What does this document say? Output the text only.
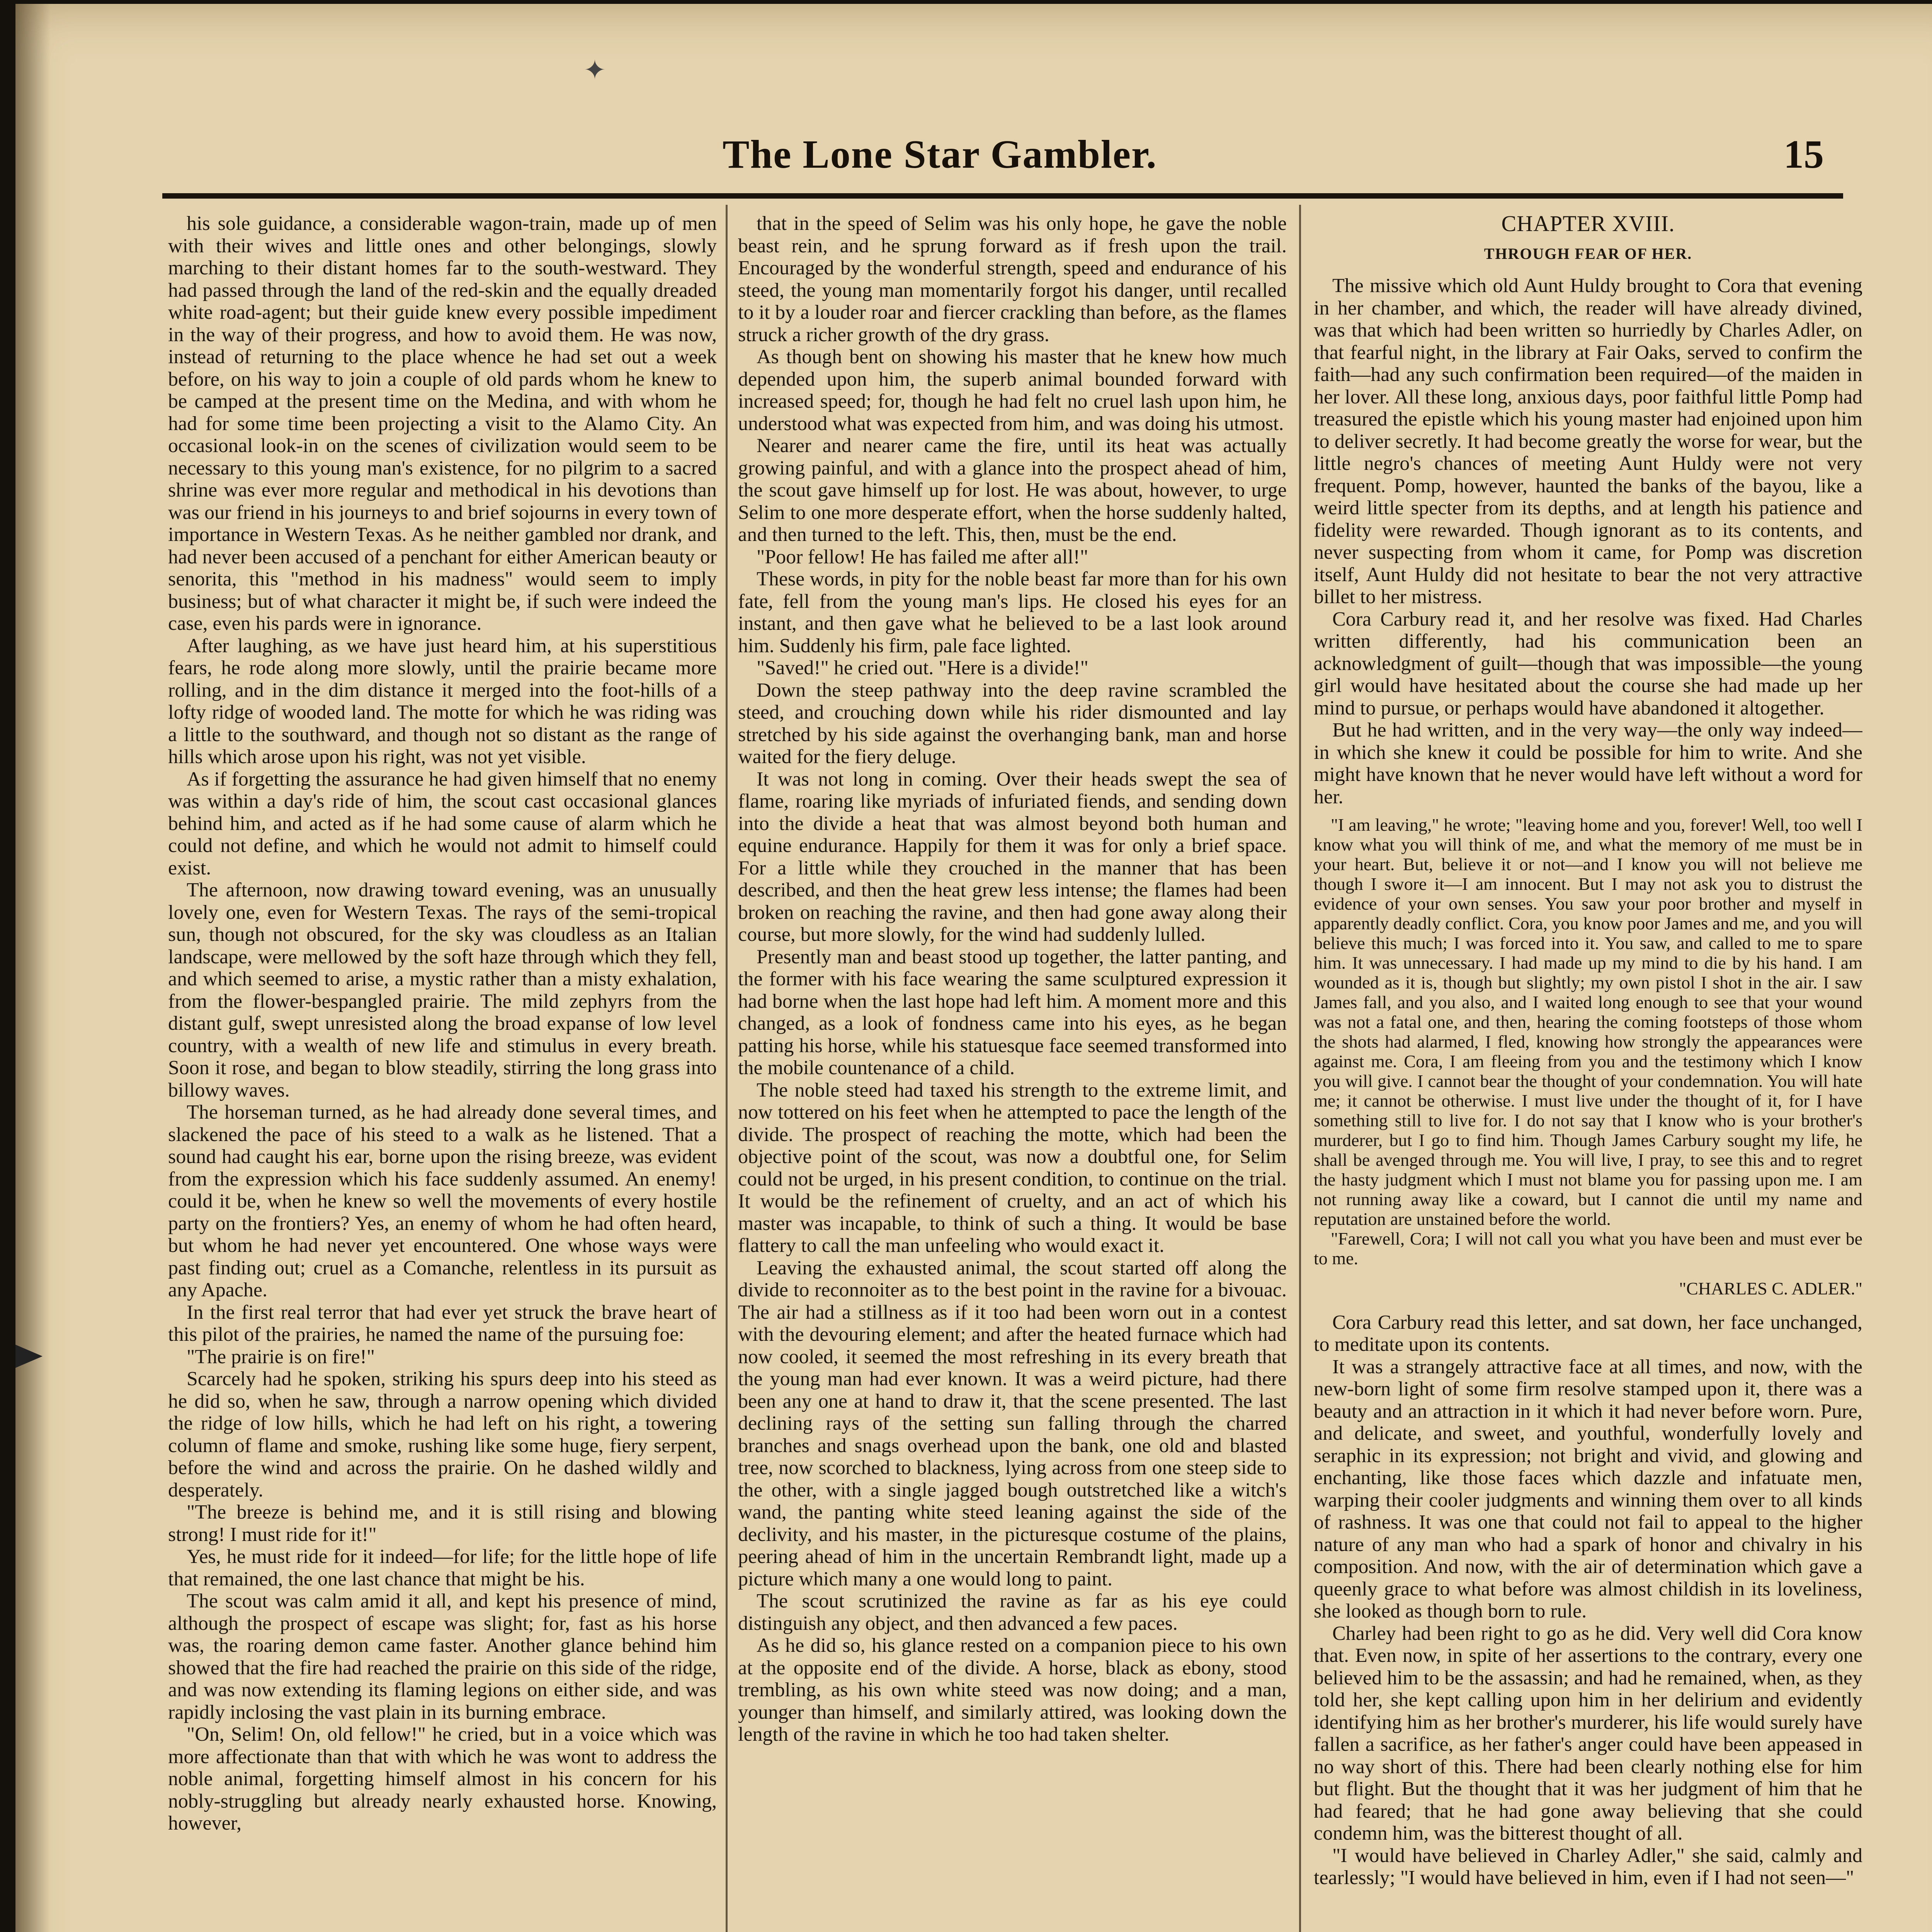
✦
The Lone Star Gambler.	15

his sole guidance, a considerable wagon-train, made up of men with their wives and little ones and other belongings, slowly marching to their distant homes far to the south-westward. They had passed through the land of the red-skin and the equally dreaded white road-agent; but their guide knew every possible impediment in the way of their progress, and how to avoid them. He was now, instead of returning to the place whence he had set out a week before, on his way to join a couple of old pards whom he knew to be camped at the present time on the Medina, and with whom he had for some time been projecting a visit to the Alamo City. An occasional look-in on the scenes of civilization would seem to be necessary to this young man's existence, for no pilgrim to a sacred shrine was ever more regular and methodical in his devotions than was our friend in his journeys to and brief sojourns in every town of importance in Western Texas. As he neither gambled nor drank, and had never been accused of a penchant for either American beauty or senorita, this "method in his madness" would seem to imply business; but of what character it might be, if such were indeed the case, even his pards were in ignorance.

After laughing, as we have just heard him, at his superstitious fears, he rode along more slowly, until the prairie became more rolling, and in the dim distance it merged into the foot-hills of a lofty ridge of wooded land. The motte for which he was riding was a little to the southward, and though not so distant as the range of hills which arose upon his right, was not yet visible.

As if forgetting the assurance he had given himself that no enemy was within a day's ride of him, the scout cast occasional glances behind him, and acted as if he had some cause of alarm which he could not define, and which he would not admit to himself could exist.

The afternoon, now drawing toward evening, was an unusually lovely one, even for Western Texas. The rays of the semi-tropical sun, though not obscured, for the sky was cloudless as an Italian landscape, were mellowed by the soft haze through which they fell, and which seemed to arise, a mystic rather than a misty exhalation, from the flower-bespangled prairie. The mild zephyrs from the distant gulf, swept unresisted along the broad expanse of low level country, with a wealth of new life and stimulus in every breath. Soon it rose, and began to blow steadily, stirring the long grass into billowy waves.

The horseman turned, as he had already done several times, and slackened the pace of his steed to a walk as he listened. That a sound had caught his ear, borne upon the rising breeze, was evident from the expression which his face suddenly assumed. An enemy! could it be, when he knew so well the movements of every hostile party on the frontiers? Yes, an enemy of whom he had often heard, but whom he had never yet encountered. One whose ways were past finding out; cruel as a Comanche, relentless in its pursuit as any Apache.

In the first real terror that had ever yet struck the brave heart of this pilot of the prairies, he named the name of the pursuing foe:

"The prairie is on fire!"

Scarcely had he spoken, striking his spurs deep into his steed as he did so, when he saw, through a narrow opening which divided the ridge of low hills, which he had left on his right, a towering column of flame and smoke, rushing like some huge, fiery serpent, before the wind and across the prairie. On he dashed wildly and desperately.

"The breeze is behind me, and it is still rising and blowing strong! I must ride for it!"

Yes, he must ride for it indeed—for life; for the little hope of life that remained, the one last chance that might be his.

The scout was calm amid it all, and kept his presence of mind, although the prospect of escape was slight; for, fast as his horse was, the roaring demon came faster. Another glance behind him showed that the fire had reached the prairie on this side of the ridge, and was now extending its flaming legions on either side, and was rapidly inclosing the vast plain in its burning embrace.

"On, Selim! On, old fellow!" he cried, but in a voice which was more affectionate than that with which he was wont to address the noble animal, forgetting himself almost in his concern for his nobly-struggling but already nearly exhausted horse. Knowing, however,

that in the speed of Selim was his only hope, he gave the noble beast rein, and he sprung forward as if fresh upon the trail. Encouraged by the wonderful strength, speed and endurance of his steed, the young man momentarily forgot his danger, until recalled to it by a louder roar and fiercer crackling than before, as the flames struck a richer growth of the dry grass.

As though bent on showing his master that he knew how much depended upon him, the superb animal bounded forward with increased speed; for, though he had felt no cruel lash upon him, he understood what was expected from him, and was doing his utmost.

Nearer and nearer came the fire, until its heat was actually growing painful, and with a glance into the prospect ahead of him, the scout gave himself up for lost. He was about, however, to urge Selim to one more desperate effort, when the horse suddenly halted, and then turned to the left. This, then, must be the end.

"Poor fellow! He has failed me after all!"

These words, in pity for the noble beast far more than for his own fate, fell from the young man's lips. He closed his eyes for an instant, and then gave what he believed to be a last look around him. Suddenly his firm, pale face lighted.

"Saved!" he cried out. "Here is a divide!"

Down the steep pathway into the deep ravine scrambled the steed, and crouching down while his rider dismounted and lay stretched by his side against the overhanging bank, man and horse waited for the fiery deluge.

It was not long in coming. Over their heads swept the sea of flame, roaring like myriads of infuriated fiends, and sending down into the divide a heat that was almost beyond both human and equine endurance. Happily for them it was for only a brief space. For a little while they crouched in the manner that has been described, and then the heat grew less intense; the flames had been broken on reaching the ravine, and then had gone away along their course, but more slowly, for the wind had suddenly lulled.

Presently man and beast stood up together, the latter panting, and the former with his face wearing the same sculptured expression it had borne when the last hope had left him. A moment more and this changed, as a look of fondness came into his eyes, as he began patting his horse, while his statuesque face seemed transformed into the mobile countenance of a child.

The noble steed had taxed his strength to the extreme limit, and now tottered on his feet when he attempted to pace the length of the divide. The prospect of reaching the motte, which had been the objective point of the scout, was now a doubtful one, for Selim could not be urged, in his present condition, to continue on the trial. It would be the refinement of cruelty, and an act of which his master was incapable, to think of such a thing. It would be base flattery to call the man unfeeling who would exact it.

Leaving the exhausted animal, the scout started off along the divide to reconnoiter as to the best point in the ravine for a bivouac. The air had a stillness as if it too had been worn out in a contest with the devouring element; and after the heated furnace which had now cooled, it seemed the most refreshing in its every breath that the young man had ever known. It was a weird picture, had there been any one at hand to draw it, that the scene presented. The last declining rays of the setting sun falling through the charred branches and snags overhead upon the bank, one old and blasted tree, now scorched to blackness, lying across from one steep side to the other, with a single jagged bough outstretched like a witch's wand, the panting white steed leaning against the side of the declivity, and his master, in the picturesque costume of the plains, peering ahead of him in the uncertain Rembrandt light, made up a picture which many a one would long to paint.

The scout scrutinized the ravine as far as his eye could distinguish any object, and then advanced a few paces.

As he did so, his glance rested on a companion piece to his own at the opposite end of the divide. A horse, black as ebony, stood trembling, as his own white steed was now doing; and a man, younger than himself, and similarly attired, was looking down the length of the ravine in which he too had taken shelter.

CHAPTER XVIII.
THROUGH FEAR OF HER.

The missive which old Aunt Huldy brought to Cora that evening in her chamber, and which, the reader will have already divined, was that which had been written so hurriedly by Charles Adler, on that fearful night, in the library at Fair Oaks, served to confirm the faith—had any such confirmation been required—of the maiden in her lover. All these long, anxious days, poor faithful little Pomp had treasured the epistle which his young master had enjoined upon him to deliver secretly. It had become greatly the worse for wear, but the little negro's chances of meeting Aunt Huldy were not very frequent. Pomp, however, haunted the banks of the bayou, like a weird little specter from its depths, and at length his patience and fidelity were rewarded. Though ignorant as to its contents, and never suspecting from whom it came, for Pomp was discretion itself, Aunt Huldy did not hesitate to bear the not very attractive billet to her mistress.

Cora Carbury read it, and her resolve was fixed. Had Charles written differently, had his communication been an acknowledgment of guilt—though that was impossible—the young girl would have hesitated about the course she had made up her mind to pursue, or perhaps would have abandoned it altogether.

But he had written, and in the very way—the only way indeed—in which she knew it could be possible for him to write. And she might have known that he never would have left without a word for her.

"I am leaving," he wrote; "leaving home and you, forever! Well, too well I know what you will think of me, and what the memory of me must be in your heart. But, believe it or not—and I know you will not believe me though I swore it—I am innocent. But I may not ask you to distrust the evidence of your own senses. You saw your poor brother and myself in apparently deadly conflict. Cora, you know poor James and me, and you will believe this much; I was forced into it. You saw, and called to me to spare him. It was unnecessary. I had made up my mind to die by his hand. I am wounded as it is, though but slightly; my own pistol I shot in the air. I saw James fall, and you also, and I waited long enough to see that your wound was not a fatal one, and then, hearing the coming footsteps of those whom the shots had alarmed, I fled, knowing how strongly the appearances were against me. Cora, I am fleeing from you and the testimony which I know you will give. I cannot bear the thought of your condemnation. You will hate me; it cannot be otherwise. I must live under the thought of it, for I have something still to live for. I do not say that I know who is your brother's murderer, but I go to find him. Though James Carbury sought my life, he shall be avenged through me. You will live, I pray, to see this and to regret the hasty judgment which I must not blame you for passing upon me. I am not running away like a coward, but I cannot die until my name and reputation are unstained before the world.

"Farewell, Cora; I will not call you what you have been and must ever be to me.

"CHARLES C. ADLER."

Cora Carbury read this letter, and sat down, her face unchanged, to meditate upon its contents.

It was a strangely attractive face at all times, and now, with the new-born light of some firm resolve stamped upon it, there was a beauty and an attraction in it which it had never before worn. Pure, and delicate, and sweet, and youthful, wonderfully lovely and seraphic in its expression; not bright and vivid, and glowing and enchanting, like those faces which dazzle and infatuate men, warping their cooler judgments and winning them over to all kinds of rashness. It was one that could not fail to appeal to the higher nature of any man who had a spark of honor and chivalry in his composition. And now, with the air of determination which gave a queenly grace to what before was almost childish in its loveliness, she looked as though born to rule.

Charley had been right to go as he did. Very well did Cora know that. Even now, in spite of her assertions to the contrary, every one believed him to be the assassin; and had he remained, when, as they told her, she kept calling upon him in her delirium and evidently identifying him as her brother's murderer, his life would surely have fallen a sacrifice, as her father's anger could have been appeased in no way short of this. There had been clearly nothing else for him but flight. But the thought that it was her judgment of him that he had feared; that he had gone away believing that she could condemn him, was the bitterest thought of all.

"I would have believed in Charley Adler," she said, calmly and tearlessly; "I would have believed in him, even if I had not seen—"
